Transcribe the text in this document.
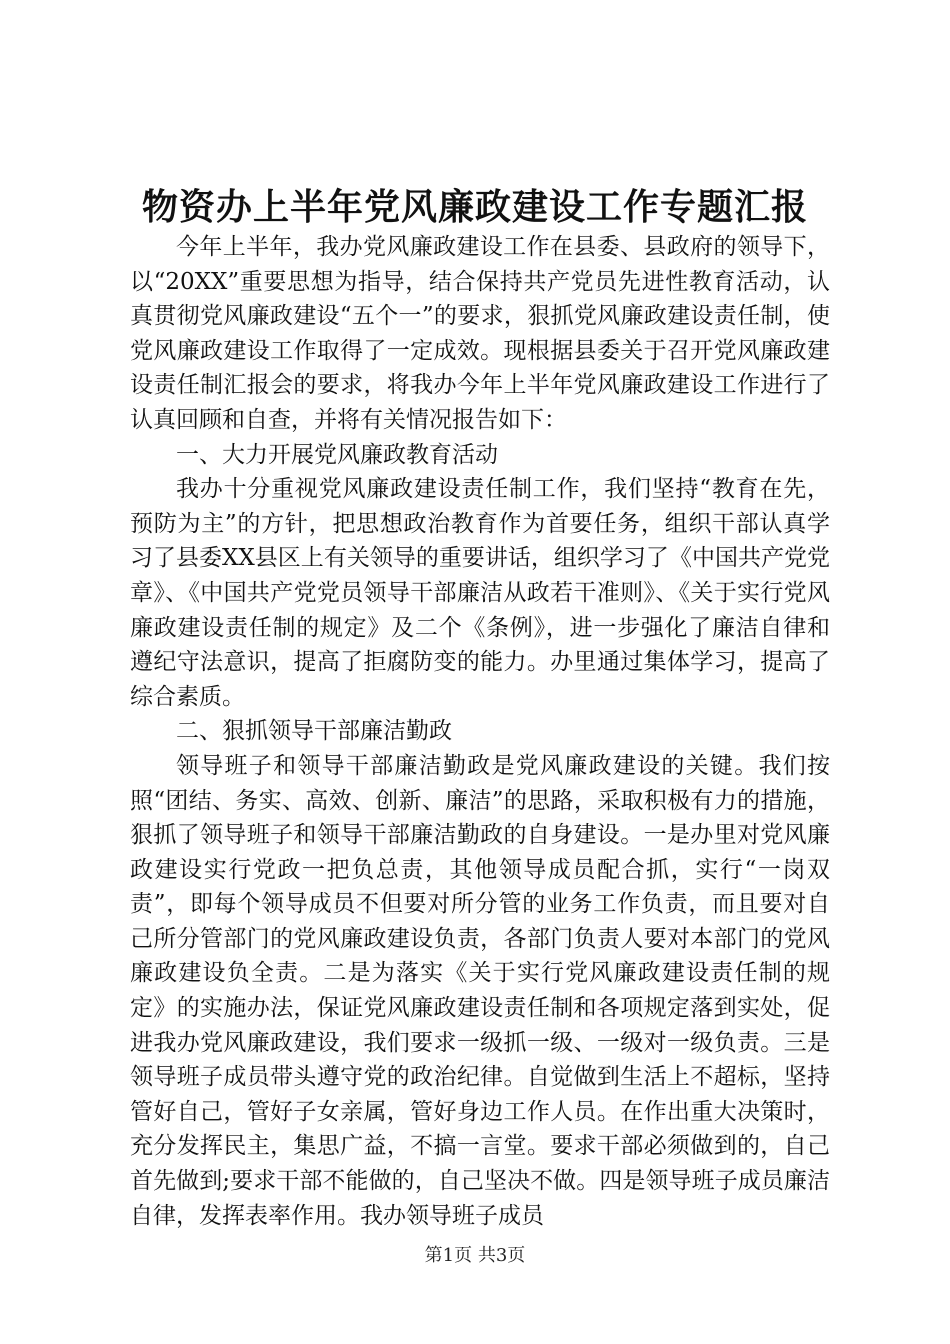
物资办上半年党风廉政建设工作专题汇报

今年上半年，我办党风廉政建设工作在县委、县政府的领导下，以“20XX”重要思想为指导，结合保持共产党员先进性教育活动，认真贯彻党风廉政建设“五个一”的要求，狠抓党风廉政建设责任制，使党风廉政建设工作取得了一定成效。现根据县委关于召开党风廉政建设责任制汇报会的要求，将我办今年上半年党风廉政建设工作进行了认真回顾和自查，并将有关情况报告如下：

一、大力开展党风廉政教育活动

我办十分重视党风廉政建设责任制工作，我们坚持“教育在先，预防为主”的方针，把思想政治教育作为首要任务，组织干部认真学习了县委XX县区上有关领导的重要讲话，组织学习了《中国共产党党章》、《中国共产党党员领导干部廉洁从政若干准则》、《关于实行党风廉政建设责任制的规定》及二个《条例》，进一步强化了廉洁自律和遵纪守法意识，提高了拒腐防变的能力。办里通过集体学习，提高了综合素质。

二、狠抓领导干部廉洁勤政

领导班子和领导干部廉洁勤政是党风廉政建设的关键。我们按照“团结、务实、高效、创新、廉洁”的思路，采取积极有力的措施，狠抓了领导班子和领导干部廉洁勤政的自身建设。一是办里对党风廉政建设实行党政一把负总责，其他领导成员配合抓，实行“一岗双责”，即每个领导成员不但要对所分管的业务工作负责，而且要对自己所分管部门的党风廉政建设负责，各部门负责人要对本部门的党风廉政建设负全责。二是为落实《关于实行党风廉政建设责任制的规定》的实施办法，保证党风廉政建设责任制和各项规定落到实处，促进我办党风廉政建设，我们要求一级抓一级、一级对一级负责。三是领导班子成员带头遵守党的政治纪律。自觉做到生活上不超标，坚持管好自己，管好子女亲属，管好身边工作人员。在作出重大决策时，充分发挥民主，集思广益，不搞一言堂。要求干部必须做到的，自己首先做到;要求干部不能做的，自己坚决不做。四是领导班子成员廉洁自律，发挥表率作用。我办领导班子成员

第1页 共3页
